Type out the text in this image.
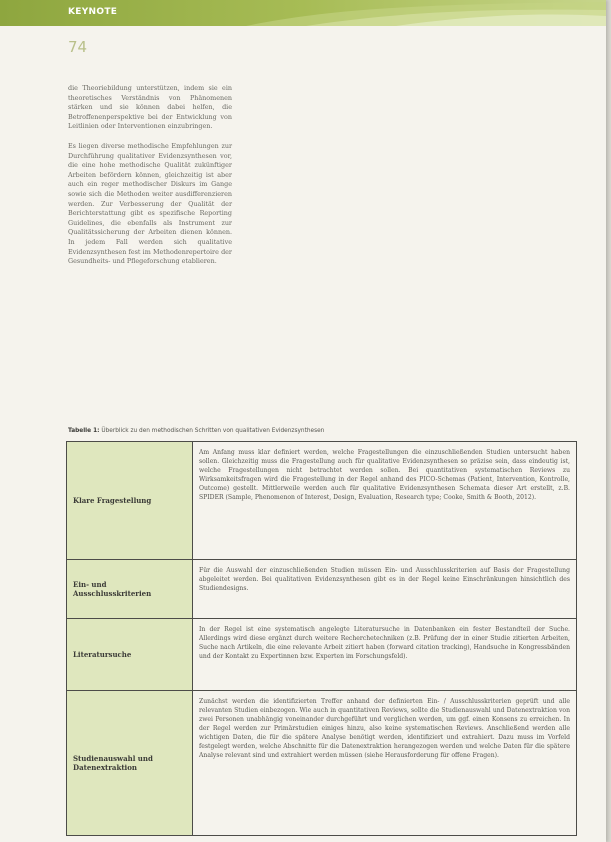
KEYNOTE
74

die Theoriebildung unterstützen, indem sie ein theoretisches Verständnis von Phänomenen stärken und sie können dabei helfen, die Betroffenenperspektive bei der Entwicklung von Leitlinien oder Interventionen einzubringen.

Es liegen diverse methodische Empfehlungen zur Durchführung qualitativer Evidenzsynthesen vor, die eine hohe methodische Qualität zukünftiger Arbeiten befördern können, gleichzeitig ist aber auch ein reger methodischer Diskurs im Gange sowie sich die Methoden weiter ausdifferenzieren werden. Zur Verbesserung der Qualität der Berichterstattung gibt es spezifische Reporting Guidelines, die ebenfalls als Instrument zur Qualitätssicherung der Arbeiten dienen können. In jedem Fall werden sich qualitative Evidenzsynthesen fest im Methodenrepertoire der Gesundheits- und Pflegeforschung etablieren.

Tabelle 1: Überblick zu den methodischen Schritten von qualitativen Evidenzsynthesen
Klare Fragestellung
Am Anfang muss klar definiert werden, welche Fragestellungen die einzuschließenden Studien untersucht haben sollen. Gleichzeitig muss die Fragestellung auch für qualitative Evidenzsynthesen so präzise sein, dass eindeutig ist, welche Fragestellungen nicht betrachtet werden sollen. Bei quantitativen systematischen Reviews zu Wirksamkeitsfragen wird die Fragestellung in der Regel anhand des PICO-Schemas (Patient, Intervention, Kontrolle, Outcome) gestellt. Mittlerweile werden auch für qualitative Evidenzsynthesen Schemata dieser Art erstellt, z.B. SPIDER (Sample, Phenomenon of Interest, Design, Evaluation, Research type; Cooke, Smith & Booth, 2012).
Ein- und Ausschlusskriterien
Für die Auswahl der einzuschließenden Studien müssen Ein- und Ausschlusskriterien auf Basis der Fragestellung abgeleitet werden. Bei qualitativen Evidenzsynthesen gibt es in der Regel keine Einschränkungen hinsichtlich des Studiendesigns.
Literatursuche
In der Regel ist eine systematisch angelegte Literatursuche in Datenbanken ein fester Bestandteil der Suche. Allerdings wird diese ergänzt durch weitere Recherchetechniken (z.B. Prüfung der in einer Studie zitierten Arbeiten, Suche nach Artikeln, die eine relevante Arbeit zitiert haben (forward citation tracking), Handsuche in Kongressbänden und der Kontakt zu Expertinnen bzw. Experten im Forschungsfeld).
Studienauswahl und Datenextraktion
Zunächst werden die identifizierten Treffer anhand der definierten Ein- / Ausschlusskriterien geprüft und alle relevanten Studien einbezogen. Wie auch in quantitativen Reviews, sollte die Studienauswahl und Datenextraktion von zwei Personen unabhängig voneinander durchgeführt und verglichen werden, um ggf. einen Konsens zu erreichen. In der Regel werden zur Primärstudien einiges hinzu, also keine systematischen Reviews. Anschließend werden alle wichtigen Daten, die für die spätere Analyse benötigt werden, identifiziert und extrahiert. Dazu muss im Vorfeld festgelegt werden, welche Abschnitte für die Datenextraktion herangezogen werden und welche Daten für die spätere Analyse relevant sind und extrahiert werden müssen (siehe Herausforderung für offene Fragen).
